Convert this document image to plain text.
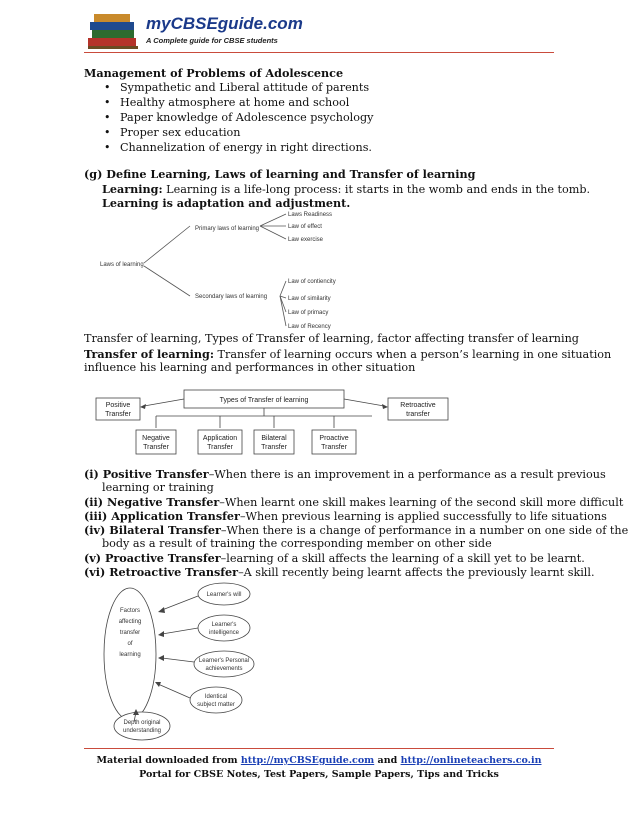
myCBSEguide.com
A Complete guide for CBSE students
Management of Problems of Adolescence
• Sympathetic and Liberal attitude of parents
• Healthy atmosphere at home and school
• Paper knowledge of Adolescence psychology
• Proper sex education
• Channelization of energy in right directions.
(g) Define Learning, Laws of learning and Transfer of learning
Learning: Learning is a life-long process: it starts in the womb and ends in the tomb.
Learning is adaptation and adjustment.
Laws of learning
Primary laws of learning
Laws Readiness
Law of effect
Law exercise
Secondary laws of learning
Law of contiencity
Law of similarity
Law of primacy
Law of Recency
Transfer of learning, Types of Transfer of learning, factor affecting transfer of learning
Transfer of learning: Transfer of learning occurs when a person’s learning in one situation
influence his learning and performances in other situation
Types of Transfer of learning
Positive
Transfer
Retroactive
transfer
Negative
Transfer
Application
Transfer
Bilateral
Transfer
Proactive
Transfer
(i) Positive Transfer–When there is an improvement in a performance as a result previous
learning or training
(ii) Negative Transfer–When learnt one skill makes learning of the second skill more difficult
(iii) Application Transfer–When previous learning is applied successfully to life situations
(iv) Bilateral Transfer–When there is a change of performance in a number on one side of the
body as a result of training the corresponding member on other side
(v) Proactive Transfer–learning of a skill affects the learning of a skill yet to be learnt.
(vi) Retroactive Transfer–A skill recently being learnt affects the previously learnt skill.
Factors
affecting
transfer
of
learning
Learner's will
Learner's
intelligence
Learner's Personal
achievements
Identical
subject matter
Depth original
understanding
Material downloaded from http://myCBSEguide.com and http://onlineteachers.co.in
Portal for CBSE Notes, Test Papers, Sample Papers, Tips and Tricks
